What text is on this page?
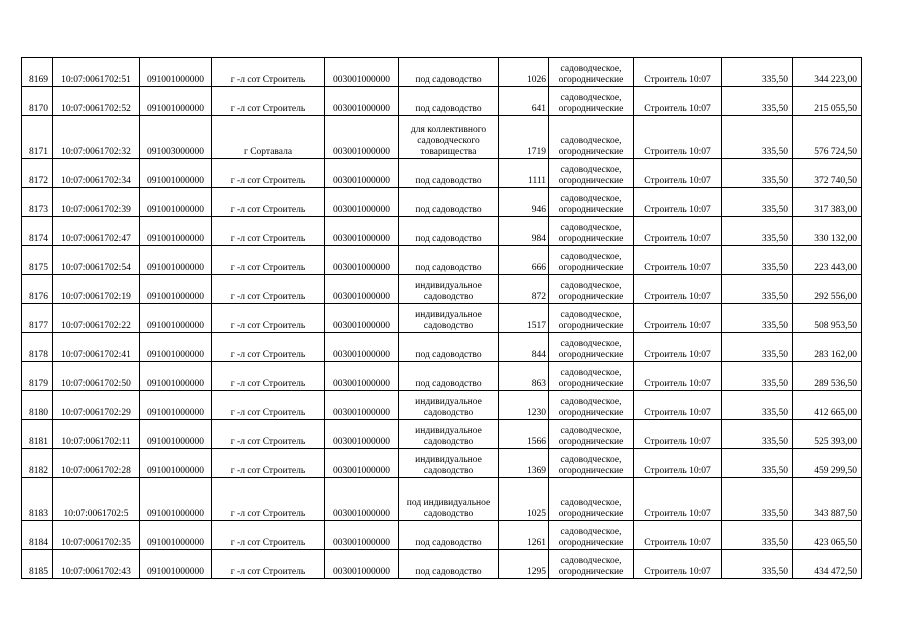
8169	10:07:0061702:51	091001000000	г -л сот Строитель	003001000000	под садоводство	1026	садоводческое, огороднические	Строитель 10:07	335,50	344 223,00
8170	10:07:0061702:52	091001000000	г -л сот Строитель	003001000000	под садоводство	641	садоводческое, огороднические	Строитель 10:07	335,50	215 055,50
8171	10:07:0061702:32	091003000000	г Сортавала	003001000000	для коллективного садоводческого товарищества	1719	садоводческое, огороднические	Строитель 10:07	335,50	576 724,50
8172	10:07:0061702:34	091001000000	г -л сот Строитель	003001000000	под садоводство	1111	садоводческое, огороднические	Строитель 10:07	335,50	372 740,50
8173	10:07:0061702:39	091001000000	г -л сот Строитель	003001000000	под садоводство	946	садоводческое, огороднические	Строитель 10:07	335,50	317 383,00
8174	10:07:0061702:47	091001000000	г -л сот Строитель	003001000000	под садоводство	984	садоводческое, огороднические	Строитель 10:07	335,50	330 132,00
8175	10:07:0061702:54	091001000000	г -л сот Строитель	003001000000	под садоводство	666	садоводческое, огороднические	Строитель 10:07	335,50	223 443,00
8176	10:07:0061702:19	091001000000	г -л сот Строитель	003001000000	индивидуальное садоводство	872	садоводческое, огороднические	Строитель 10:07	335,50	292 556,00
8177	10:07:0061702:22	091001000000	г -л сот Строитель	003001000000	индивидуальное садоводство	1517	садоводческое, огороднические	Строитель 10:07	335,50	508 953,50
8178	10:07:0061702:41	091001000000	г -л сот Строитель	003001000000	под садоводство	844	садоводческое, огороднические	Строитель 10:07	335,50	283 162,00
8179	10:07:0061702:50	091001000000	г -л сот Строитель	003001000000	под садоводство	863	садоводческое, огороднические	Строитель 10:07	335,50	289 536,50
8180	10:07:0061702:29	091001000000	г -л сот Строитель	003001000000	индивидуальное садоводство	1230	садоводческое, огороднические	Строитель 10:07	335,50	412 665,00
8181	10:07:0061702:11	091001000000	г -л сот Строитель	003001000000	индивидуальное садоводство	1566	садоводческое, огороднические	Строитель 10:07	335,50	525 393,00
8182	10:07:0061702:28	091001000000	г -л сот Строитель	003001000000	индивидуальное садоводство	1369	садоводческое, огороднические	Строитель 10:07	335,50	459 299,50
8183	10:07:0061702:5	091001000000	г -л сот Строитель	003001000000	под индивидуальное садоводство	1025	садоводческое, огороднические	Строитель 10:07	335,50	343 887,50
8184	10:07:0061702:35	091001000000	г -л сот Строитель	003001000000	под садоводство	1261	садоводческое, огороднические	Строитель 10:07	335,50	423 065,50
8185	10:07:0061702:43	091001000000	г -л сот Строитель	003001000000	под садоводство	1295	садоводческое, огороднические	Строитель 10:07	335,50	434 472,50
